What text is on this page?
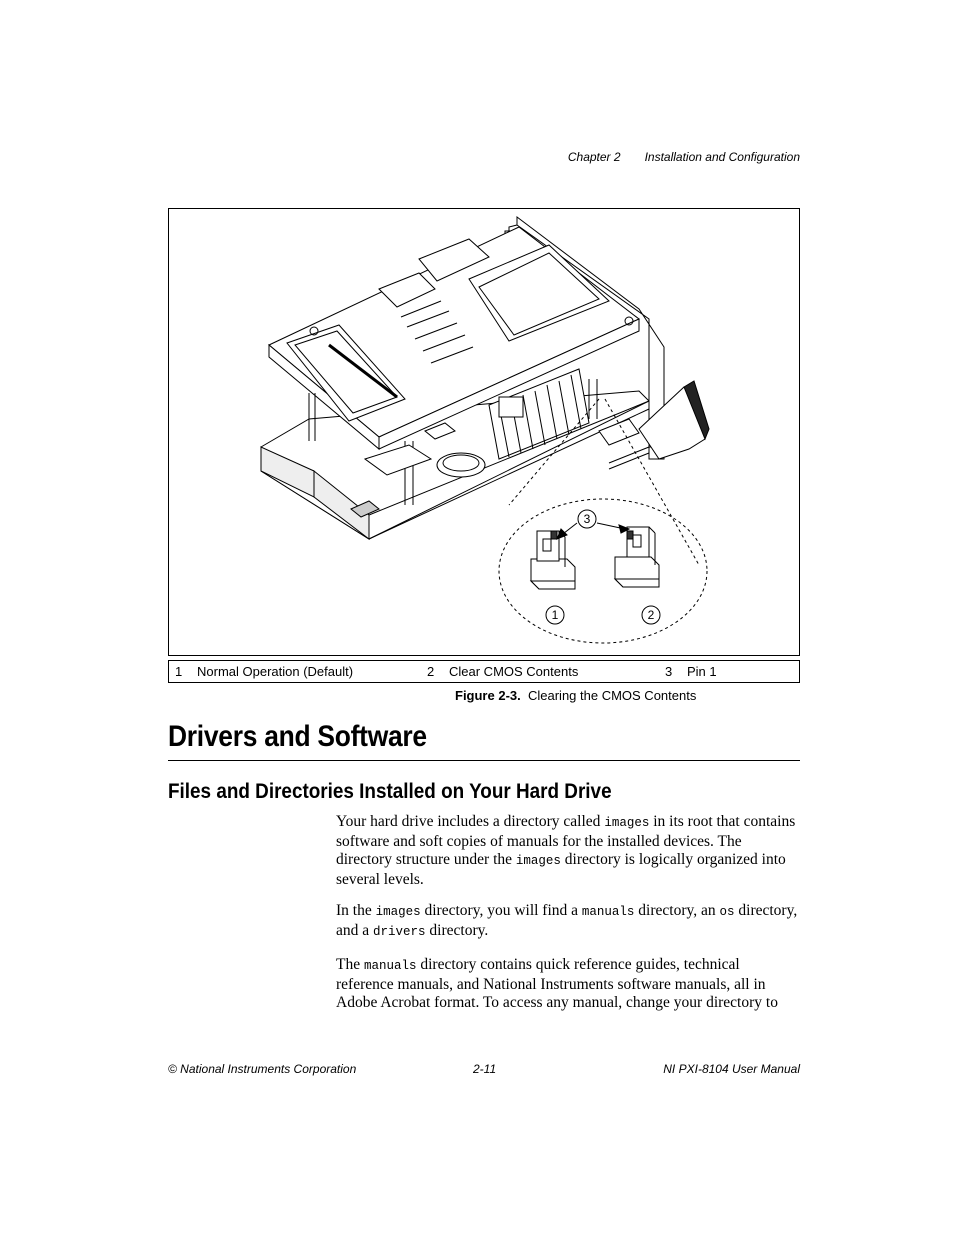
Chapter 2 Installation and Configuration
3
1	2
1 Normal Operation (Default)	2 Clear CMOS Contents	3 Pin 1
Figure 2-3. Clearing the CMOS Contents
Drivers and Software
Files and Directories Installed on Your Hard Drive

Your hard drive includes a directory called images in its root that contains software and soft copies of manuals for the installed devices. The directory structure under the images directory is logically organized into several levels.

In the images directory, you will find a manuals directory, an os directory, and a drivers directory.

The manuals directory contains quick reference guides, technical reference manuals, and National Instruments software manuals, all in Adobe Acrobat format. To access any manual, change your directory to

© National Instruments Corporation	2-11	NI PXI-8104 User Manual
